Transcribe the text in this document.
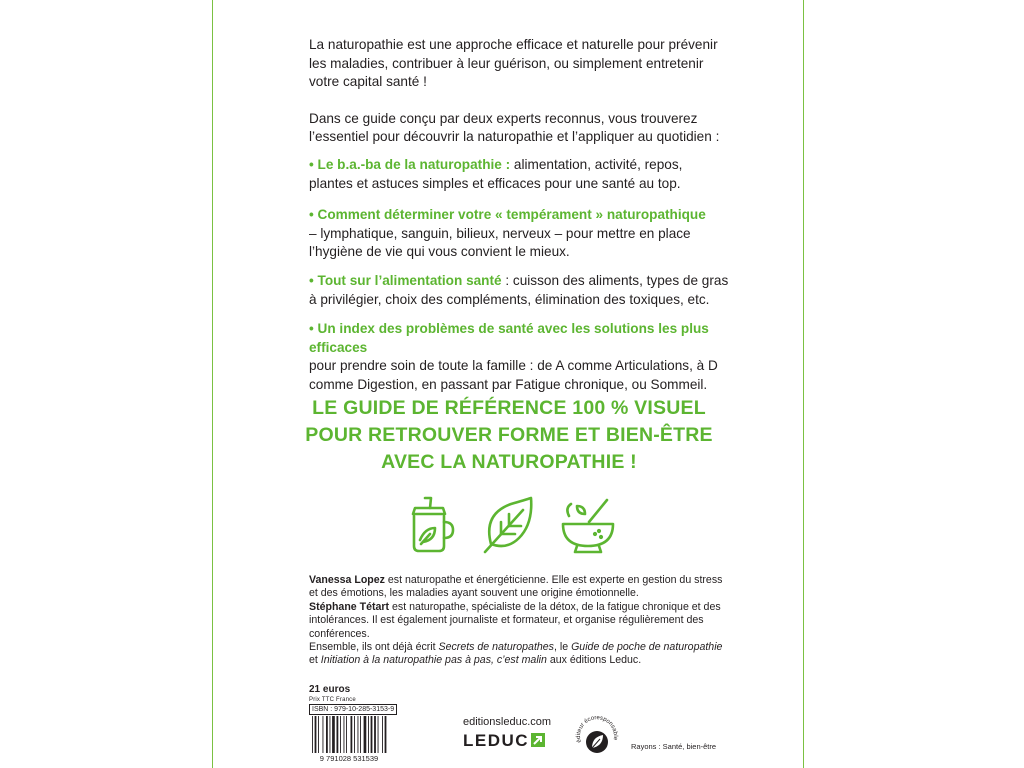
La naturopathie est une approche efficace et naturelle pour prévenir les maladies, contribuer à leur guérison, ou simplement entretenir votre capital santé !

Dans ce guide conçu par deux experts reconnus, vous trouverez l’essentiel pour découvrir la naturopathie et l’appliquer au quotidien :

• Le b.a.-ba de la naturopathie : alimentation, activité, repos, plantes et astuces simples et efficaces pour une santé au top.

• Comment déterminer votre « tempérament » naturopathique
– lymphatique, sanguin, bilieux, nerveux – pour mettre en place l’hygiène de vie qui vous convient le mieux.

• Tout sur l’alimentation santé : cuisson des aliments, types de gras à privilégier, choix des compléments, élimination des toxiques, etc.

• Un index des problèmes de santé avec les solutions les plus efficaces
pour prendre soin de toute la famille : de A comme Articulations, à D comme Digestion, en passant par Fatigue chronique, ou Sommeil.

LE GUIDE DE RÉFÉRENCE 100 % VISUEL
POUR RETROUVER FORME ET BIEN-ÊTRE
AVEC LA NATUROPATHIE !
Vanessa Lopez est naturopathe et énergéticienne. Elle est experte en gestion du stress et des émotions, les maladies ayant souvent une origine émotionnelle.
Stéphane Tétart est naturopathe, spécialiste de la détox, de la fatigue chronique et des intolérances. Il est également journaliste et formateur, et organise régulièrement des conférences.
Ensemble, ils ont déjà écrit Secrets de naturopathes, le Guide de poche de naturopathie et Initiation à la naturopathie pas à pas, c’est malin aux éditions Leduc.
21 euros
Prix TTC France
ISBN : 979-10-285-3153-9
9 791028 531539
editionsleduc.com
LEDUC	éditeur écoresponsable
Rayons : Santé, bien-être
